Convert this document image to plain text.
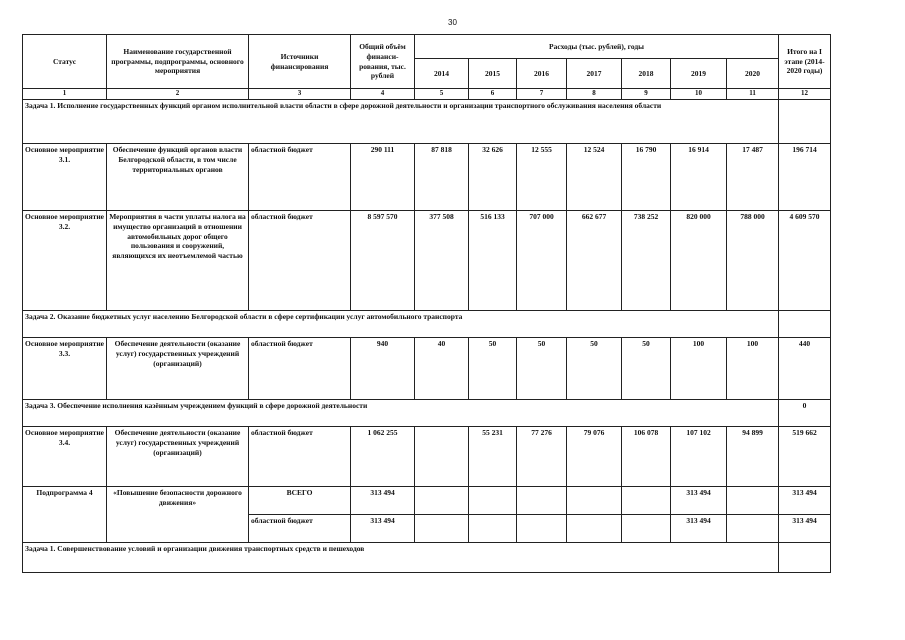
30
Статус	Наименование государственной программы, подпрограммы, основного мероприятия	Источники финансирования	Общий объём финанси-рования, тыс. рублей	Расходы (тыс. рублей), годы							Итого на I этапе (2014-2020 годы)
				2014	2015	2016	2017	2018	2019	2020	
1	2	3	4	5	6	7	8	9	10	11	12
Задача 1. Исполнение государственных функций органом исполнительной власти области в сфере дорожной деятельности и организации транспортного обслуживания населения области											
Основное мероприятие 3.1.	Обеспечение функций органов власти Белгородской области, в том числе территориальных органов	областной бюджет	290 111	87 818	32 626	12 555	12 524	16 790	16 914	17 487	196 714
Основное мероприятие 3.2.	Мероприятия в части уплаты налога на имущество организаций в отношении автомобильных дорог общего пользования и сооружений, являющихся их неотъемлемой частью	областной бюджет	8 597 570	377 508	516 133	707 000	662 677	738 252	820 000	788 000	4 609 570
Задача 2. Оказание бюджетных услуг населению Белгородской области в сфере сертификации услуг автомобильного транспорта											
Основное мероприятие 3.3.	Обеспечение деятельности (оказание услуг) государственных учреждений (организаций)	областной бюджет	940	40	50	50	50	50	100	100	440
Задача 3. Обеспечение исполнения казённым учреждением функций в сфере дорожной деятельности											0
Основное мероприятие 3.4.	Обеспечение деятельности (оказание услуг) государственных учреждений (организаций)	областной бюджет	1 062 255		55 231	77 276	79 076	106 078	107 102	94 899	519 662
Подпрограмма 4	«Повышение безопасности дорожного движения»	ВСЕГО	313 494						313 494		313 494
		областной бюджет	313 494						313 494		313 494
Задача 1. Совершенствование условий и организации движения транспортных средств и пешеходов											
